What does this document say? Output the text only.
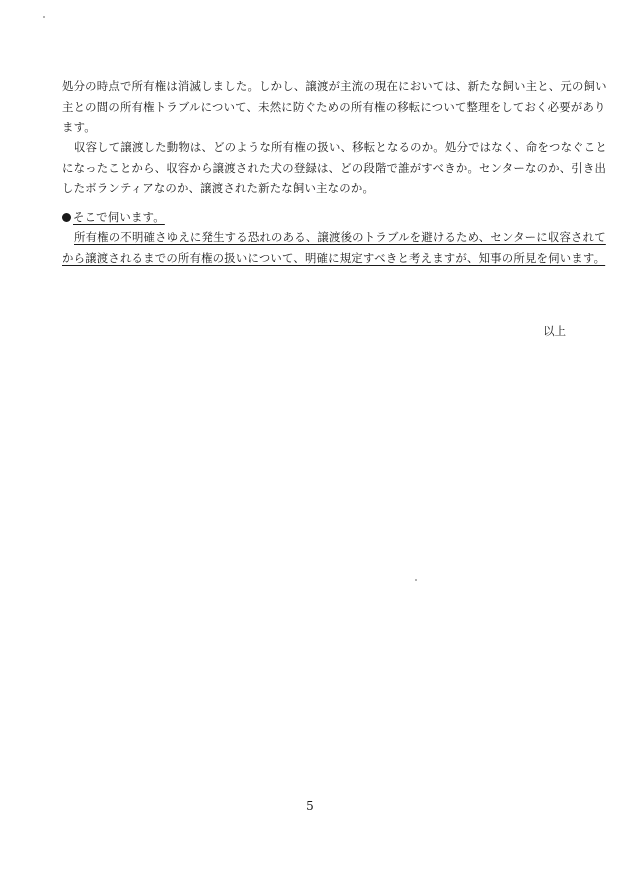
処分の時点で所有権は消滅しました。しかし、譲渡が主流の現在においては、新たな飼い主と、元の飼い
主との間の所有権トラブルについて、未然に防ぐための所有権の移転について整理をしておく必要があり
ます。
収容して譲渡した動物は、どのような所有権の扱い、移転となるのか。処分ではなく、命をつなぐこと
になったことから、収容から譲渡された犬の登録は、どの段階で誰がすべきか。センターなのか、引き出
したボランティアなのか、譲渡された新たな飼い主なのか。
そこで伺います。
所有権の不明確さゆえに発生する恐れのある、譲渡後のトラブルを避けるため、センターに収容されて
から譲渡されるまでの所有権の扱いについて、明確に規定すべきと考えますが、知事の所見を伺います。

以上

5
